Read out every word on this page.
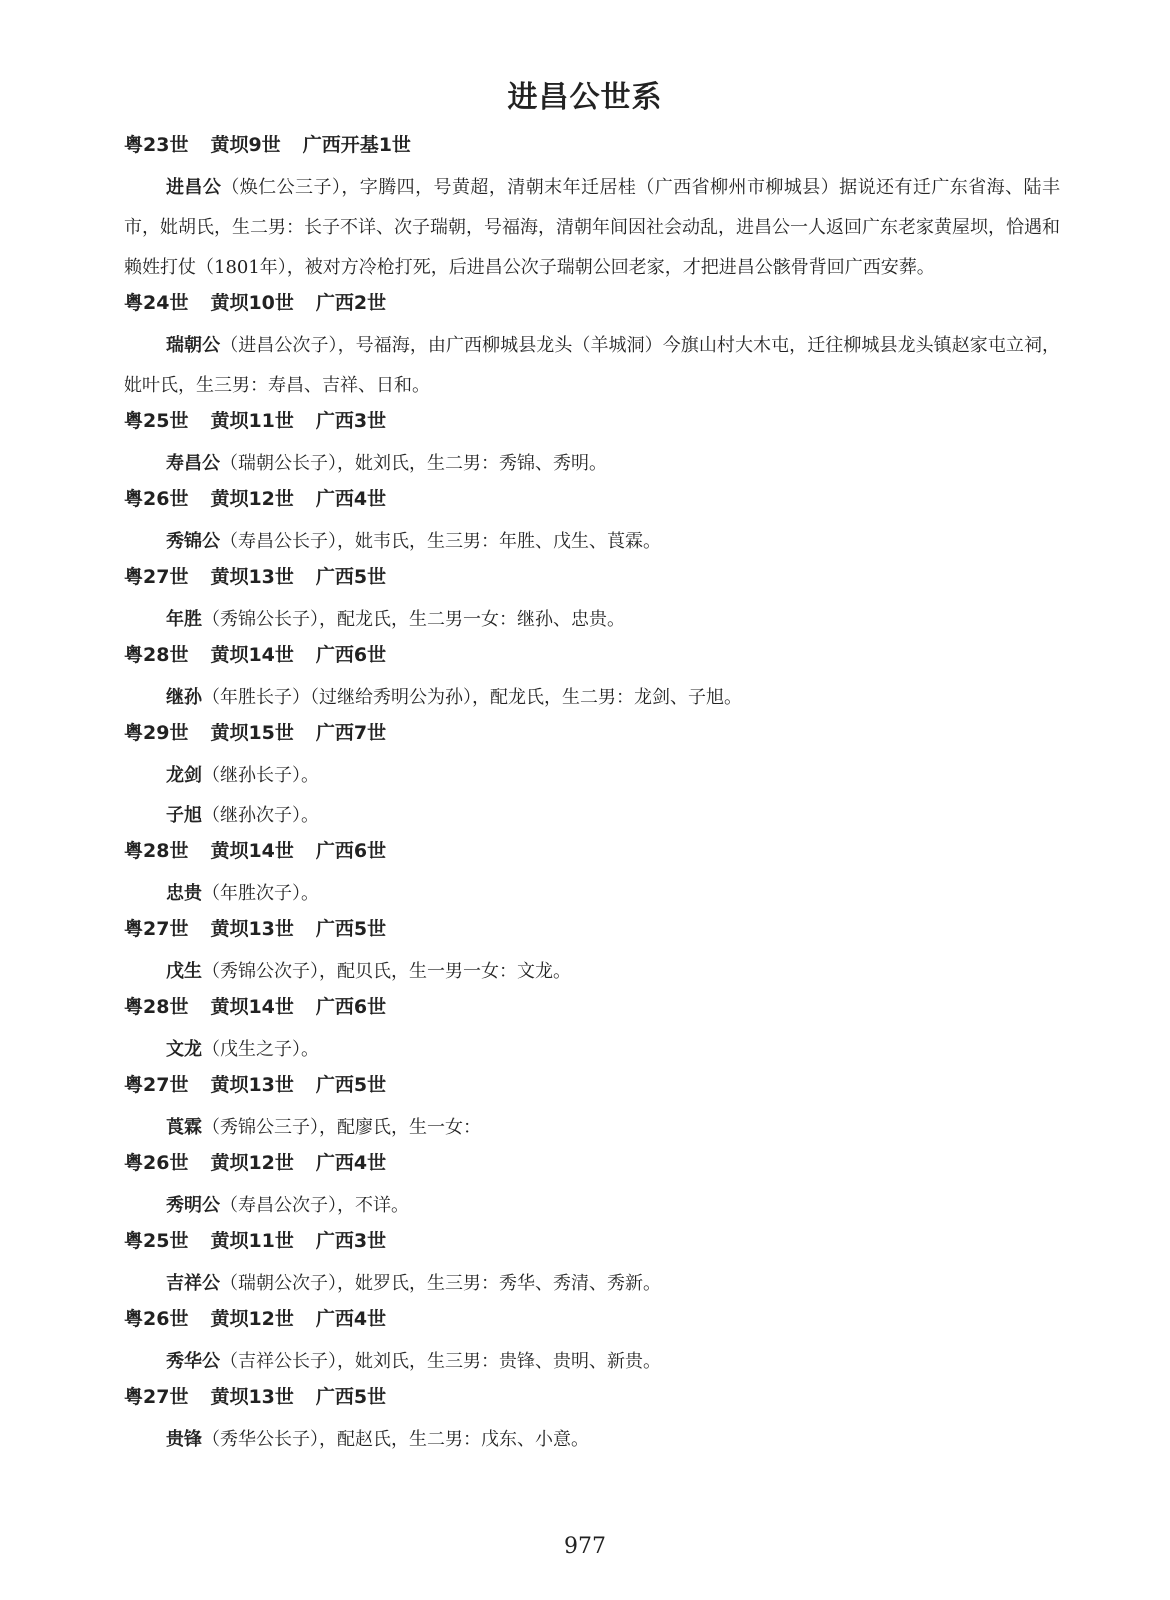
进昌公世系
粤23世 黄坝9世 广西开基1世
进昌公（焕仁公三子），字腾四，号黄超，清朝末年迁居桂（广西省柳州市柳城县）据说还有迁广东省海、陆丰市，妣胡氏，生二男：长子不详、次子瑞朝，号福海，清朝年间因社会动乱，进昌公一人返回广东老家黄屋坝，恰遇和赖姓打仗（1801年），被对方冷枪打死，后进昌公次子瑞朝公回老家，才把进昌公骸骨背回广西安葬。
粤24世 黄坝10世 广西2世
瑞朝公（进昌公次子），号福海，由广西柳城县龙头（羊城洞）今旗山村大木屯，迁往柳城县龙头镇赵家屯立祠，妣叶氏，生三男：寿昌、吉祥、日和。
粤25世 黄坝11世 广西3世
寿昌公（瑞朝公长子），妣刘氏，生二男：秀锦、秀明。
粤26世 黄坝12世 广西4世
秀锦公（寿昌公长子），妣韦氏，生三男：年胜、戊生、莨霖。
粤27世 黄坝13世 广西5世
年胜（秀锦公长子），配龙氏，生二男一女：继孙、忠贵。
粤28世 黄坝14世 广西6世
继孙（年胜长子）（过继给秀明公为孙），配龙氏，生二男：龙剑、子旭。
粤29世 黄坝15世 广西7世
龙剑（继孙长子）。
子旭（继孙次子）。
粤28世 黄坝14世 广西6世
忠贵（年胜次子）。
粤27世 黄坝13世 广西5世
戊生（秀锦公次子），配贝氏，生一男一女：文龙。
粤28世 黄坝14世 广西6世
文龙（戊生之子）。
粤27世 黄坝13世 广西5世
莨霖（秀锦公三子），配廖氏，生一女：
粤26世 黄坝12世 广西4世
秀明公（寿昌公次子），不详。
粤25世 黄坝11世 广西3世
吉祥公（瑞朝公次子），妣罗氏，生三男：秀华、秀清、秀新。
粤26世 黄坝12世 广西4世
秀华公（吉祥公长子），妣刘氏，生三男：贵锋、贵明、新贵。
粤27世 黄坝13世 广西5世
贵锋（秀华公长子），配赵氏，生二男：戊东、小意。
977
